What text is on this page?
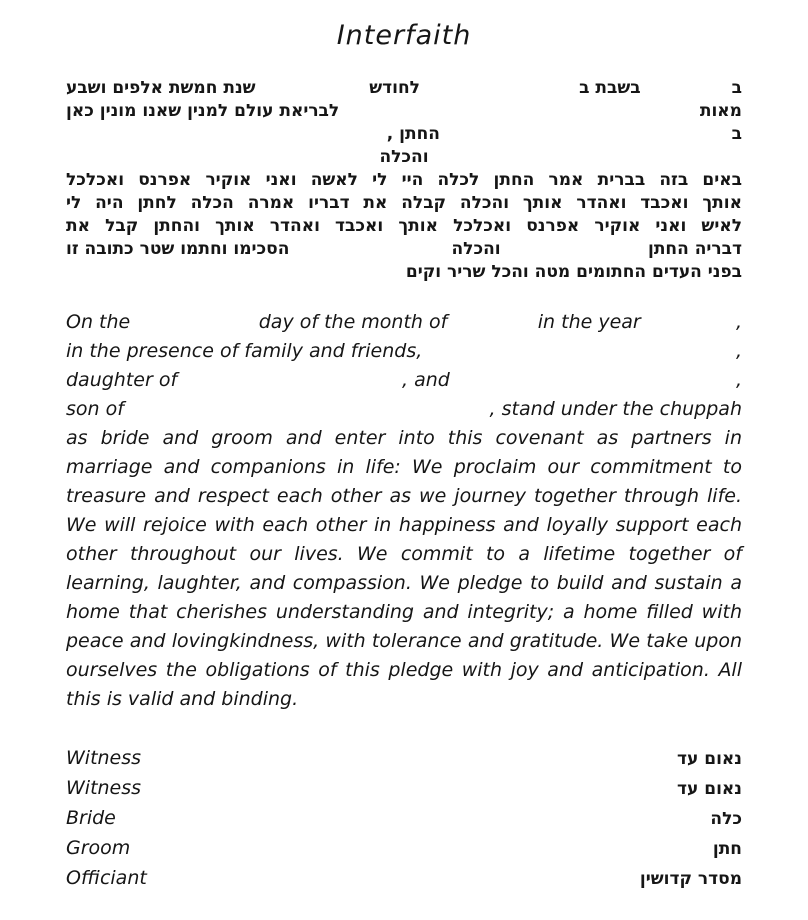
Interfaith
ב
בשבת ב
לחודש
שנת חמשת אלפים ושבע
מאות
לבריאת עולם למנין שאנו מונין כאן
ב
החתן ,
והכלה
באים בזה בברית אמר החתן לכלה היי לי לאשה ואני אוקיר אפרנס ואכלכל
אותך ואכבד ואהדר אותך והכלה קבלה את דבריו אמרה הכלה לחתן היה לי
לאיש ואני אוקיר אפרנס ואכלכל אותך ואכבד ואהדר אותך והחתן קבל את
דבריה החתן
והכלה
הסכימו וחתמו שטר כתובה זו
בפני העדים החתומים מטה והכל שריר וקים
On the	day of the month of	in the year	,
in the presence of family and friends,	,
daughter of	, and	,
son of	, stand under the chuppah
as bride and groom and enter into this covenant as partners in
marriage and companions in life: We proclaim our commitment to
treasure and respect each other as we journey together through life.
We will rejoice with each other in happiness and loyally support each
other throughout our lives. We commit to a lifetime together of
learning, laughter, and compassion. We pledge to build and sustain a
home that cherishes understanding and integrity; a home filled with
peace and lovingkindness, with tolerance and gratitude. We take upon
ourselves the obligations of this pledge with joy and anticipation. All
this is valid and binding.
Witness	נאום עד
Witness	נאום עד
Bride	כלה
Groom	חתן
Officiant	מסדר קדושין
